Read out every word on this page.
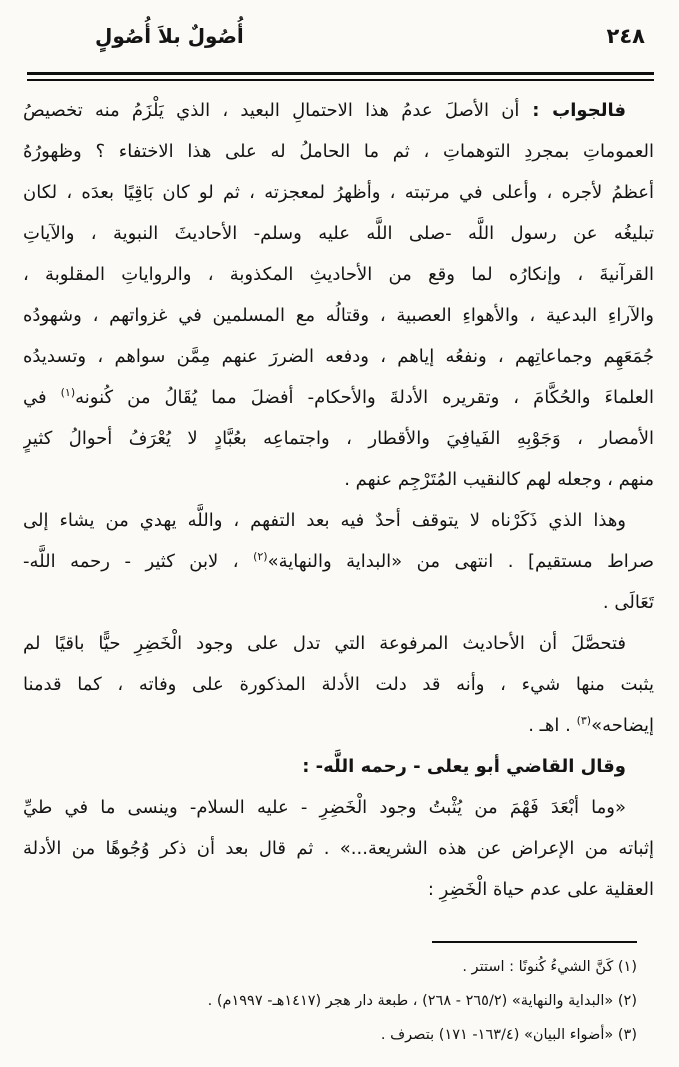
٢٤٨
أُصُولٌ بلاَ أُصُولٍ
فالجواب : أن الأصلَ عدمُ هذا الاحتمالِ البعيد ، الذي يَلْزَمُ منه تخصيصُ
العموماتِ بمجردِ التوهماتِ ، ثم ما الحاملُ له على هذا الاختفاء ؟ وظهورُهُ
أعظمُ لأجره ، وأعلى في مرتبته ، وأظهرُ لمعجزته ، ثم لو كان بَاقِيًا بعدَه ، لكان
تبليغُه عن رسول اللَّه -صلى اللَّه عليه وسلم- الأحاديثَ النبوية ، والآياتِ
القرآنيةَ ، وإنكارُه لما وقع من الأحاديثِ المكذوبة ، والرواياتِ المقلوبة ،
والآراءِ البدعية ، والأهواءِ العصبية ، وقتالُه مع المسلمين في غزواتهم ، وشهودُه
جُمَعَهِم وجماعاتِهم ، ونفعُه إياهم ، ودفعه الضررَ عنهم مِمَّن سواهم ، وتسديدُه
العلماءَ والحُكَّامَ ، وتقريره الأدلةَ والأحكام- أفضلَ مما يُقَالُ من كُنونه$^{(١)}$ في
الأمصار ، وَجَوْبِهِ الفَيافِيَ والأقطار ، واجتماعِه بعُبَّادٍ لا يُعْرَفُ أحوالُ كثيرٍ
منهم ، وجعله لهم كالنقيب المُتَرْجِم عنهم .
وهذا الذي ذَكَرْناه لا يتوقف أحدٌ فيه بعد التفهم ، واللَّه يهدي من يشاء إلى
صراط مستقيم] . انتهى من «البداية والنهاية»$^{(٢)}$ ، لابن كثير - رحمه اللَّه-
تَعَالَى .
فتحصَّلَ أن الأحاديث المرفوعة التي تدل على وجود الْخَضِرِ حيًّا باقيًا لم
يثبت منها شيء ، وأنه قد دلت الأدلة المذكورة على وفاته ، كما قدمنا
إيضاحه»$^{(٣)}$ . اهـ .
وقال القاضي أبو يعلى - رحمه اللَّه- :
«وما أبْعَدَ فَهْمَ من يُثْبتُ وجود الْخَضِرِ - عليه السلام- وينسى ما في طيِّ
إثباته من الإعراض عن هذه الشريعة...» . ثم قال بعد أن ذكر وُجُوهًا من الأدلة
العقلية على عدم حياة الْخَضِرِ :
(١) كَنَّ الشيءُ كُنونًا : استتر .
(٢) «البداية والنهاية» (٢٦٥/٢ - ٢٦٨) ، طبعة دار هجر (١٤١٧هـ- ١٩٩٧م) .
(٣) «أضواء البيان» (١٦٣/٤- ١٧١) بتصرف .
